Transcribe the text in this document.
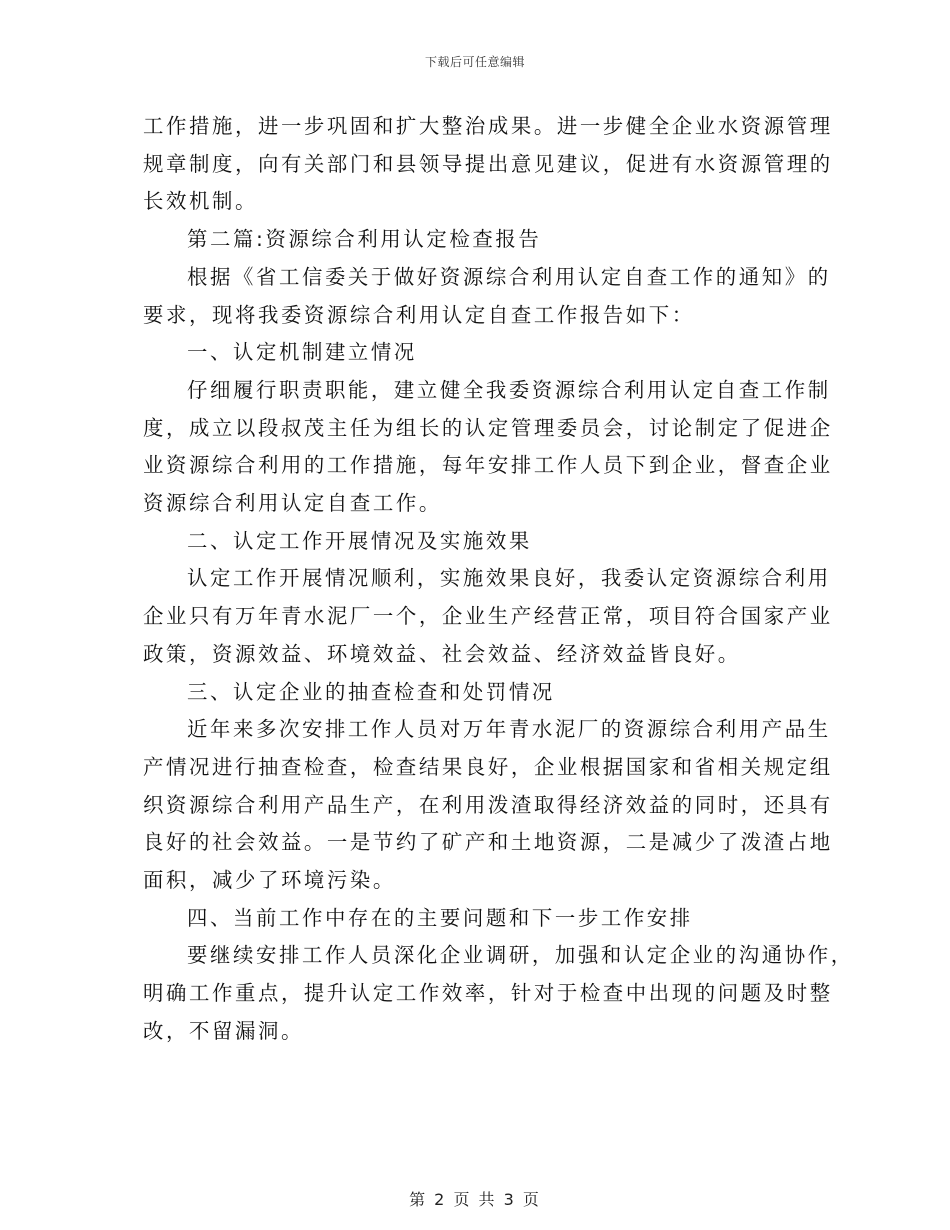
下载后可任意编辑

工作措施，进一步巩固和扩大整治成果。进一步健全企业水资源管理

规章制度，向有关部门和县领导提出意见建议，促进有水资源管理的

长效机制。

第二篇:资源综合利用认定检查报告

根据《省工信委关于做好资源综合利用认定自查工作的通知》的

要求，现将我委资源综合利用认定自查工作报告如下：

一、认定机制建立情况

仔细履行职责职能，建立健全我委资源综合利用认定自查工作制

度，成立以段叔茂主任为组长的认定管理委员会，讨论制定了促进企

业资源综合利用的工作措施，每年安排工作人员下到企业，督查企业

资源综合利用认定自查工作。

二、认定工作开展情况及实施效果

认定工作开展情况顺利，实施效果良好，我委认定资源综合利用

企业只有万年青水泥厂一个，企业生产经营正常，项目符合国家产业

政策，资源效益、环境效益、社会效益、经济效益皆良好。

三、认定企业的抽查检查和处罚情况

近年来多次安排工作人员对万年青水泥厂的资源综合利用产品生

产情况进行抽查检查，检查结果良好，企业根据国家和省相关规定组

织资源综合利用产品生产，在利用泼渣取得经济效益的同时，还具有

良好的社会效益。一是节约了矿产和土地资源，二是减少了泼渣占地

面积，减少了环境污染。

四、当前工作中存在的主要问题和下一步工作安排

要继续安排工作人员深化企业调研，加强和认定企业的沟通协作，

明确工作重点，提升认定工作效率，针对于检查中出现的问题及时整

改，不留漏洞。

第 2 页 共 3 页
